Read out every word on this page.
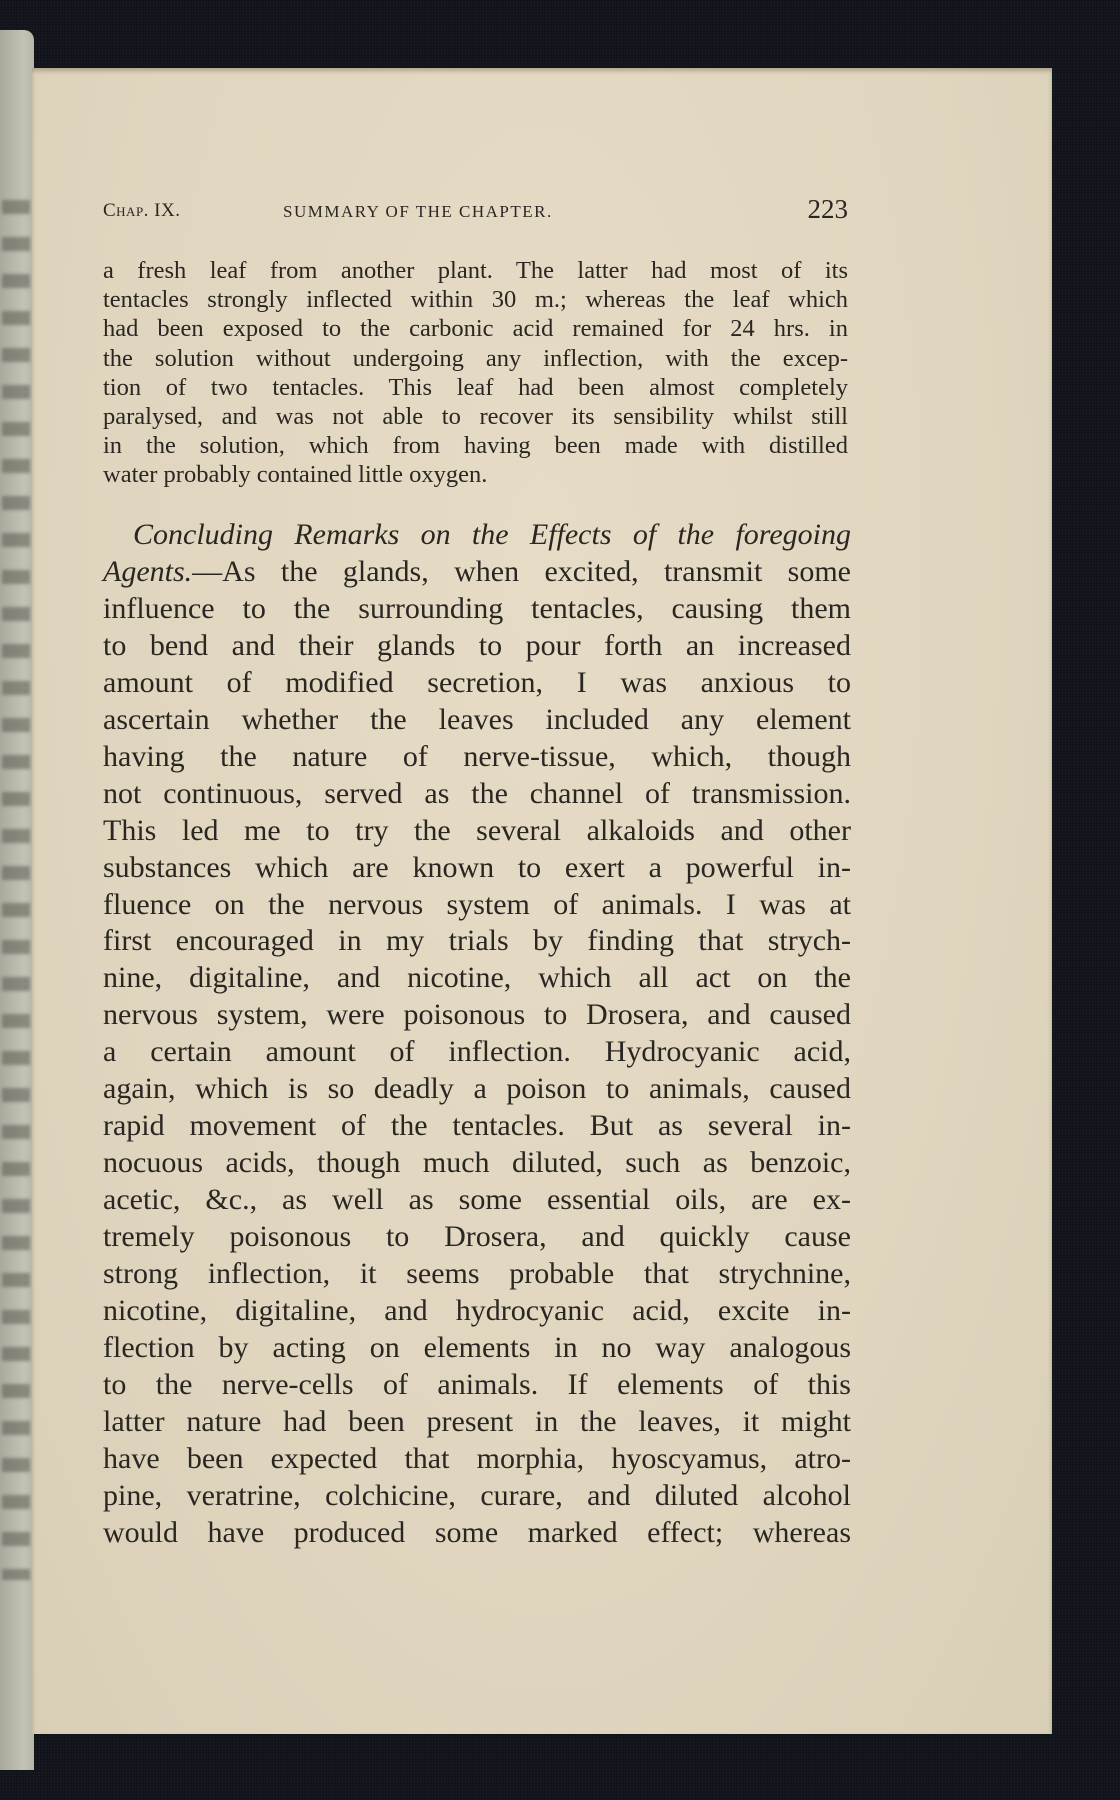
Chap. IX.	SUMMARY OF THE CHAPTER.	223
a fresh leaf from another plant. The latter had most of its
tentacles strongly inflected within 30 m.; whereas the leaf which
had been exposed to the carbonic acid remained for 24 hrs. in
the solution without undergoing any inflection, with the excep-
tion of two tentacles. This leaf had been almost completely
paralysed, and was not able to recover its sensibility whilst still
in the solution, which from having been made with distilled
water probably contained little oxygen.
Concluding Remarks on the Effects of the foregoing
Agents.—As the glands, when excited, transmit some
influence to the surrounding tentacles, causing them
to bend and their glands to pour forth an increased
amount of modified secretion, I was anxious to
ascertain whether the leaves included any element
having the nature of nerve-tissue, which, though
not continuous, served as the channel of transmission.
This led me to try the several alkaloids and other
substances which are known to exert a powerful in-
fluence on the nervous system of animals. I was at
first encouraged in my trials by finding that strych-
nine, digitaline, and nicotine, which all act on the
nervous system, were poisonous to Drosera, and caused
a certain amount of inflection. Hydrocyanic acid,
again, which is so deadly a poison to animals, caused
rapid movement of the tentacles. But as several in-
nocuous acids, though much diluted, such as benzoic,
acetic, &c., as well as some essential oils, are ex-
tremely poisonous to Drosera, and quickly cause
strong inflection, it seems probable that strychnine,
nicotine, digitaline, and hydrocyanic acid, excite in-
flection by acting on elements in no way analogous
to the nerve-cells of animals. If elements of this
latter nature had been present in the leaves, it might
have been expected that morphia, hyoscyamus, atro-
pine, veratrine, colchicine, curare, and diluted alcohol
would have produced some marked effect; whereas
